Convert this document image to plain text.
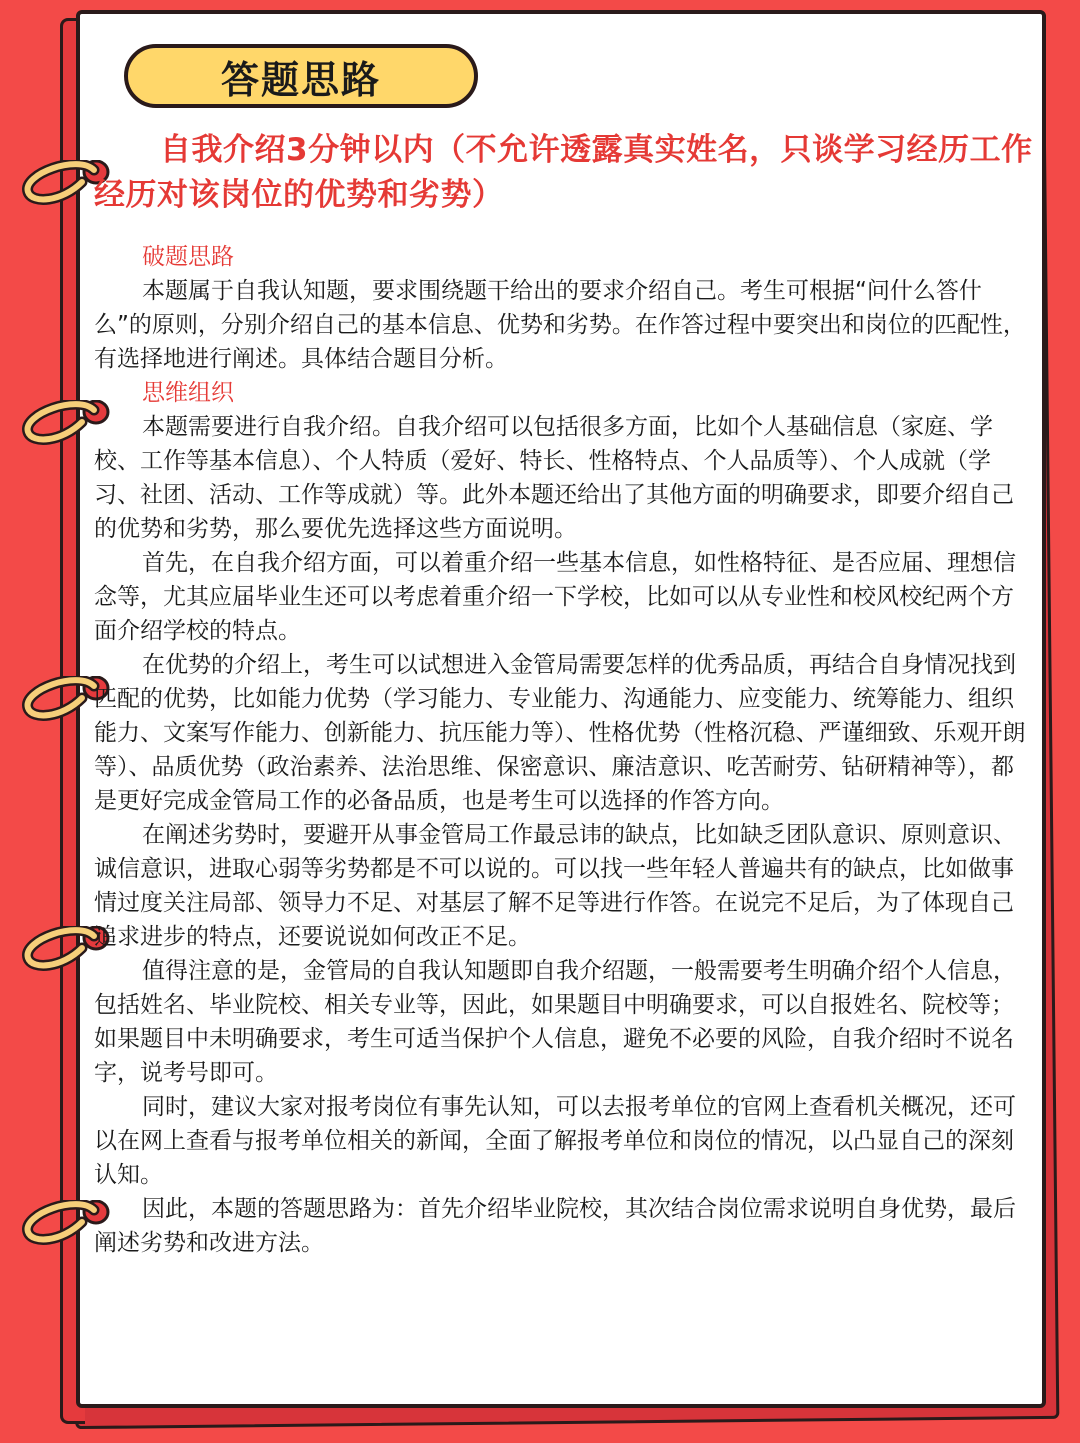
答题思路
自我介绍3分钟以内（不允许透露真实姓名，只谈学习经历工作经历对该岗位的优势和劣势）
破题思路

本题属于自我认知题，要求围绕题干给出的要求介绍自己。考生可根据“问什么答什么”的原则，分别介绍自己的基本信息、优势和劣势。在作答过程中要突出和岗位的匹配性，有选择地进行阐述。具体结合题目分析。

思维组织

本题需要进行自我介绍。自我介绍可以包括很多方面，比如个人基础信息（家庭、学校、工作等基本信息）、个人特质（爱好、特长、性格特点、个人品质等）、个人成就（学习、社团、活动、工作等成就）等。此外本题还给出了其他方面的明确要求，即要介绍自己的优势和劣势，那么要优先选择这些方面说明。

首先，在自我介绍方面，可以着重介绍一些基本信息，如性格特征、是否应届、理想信念等，尤其应届毕业生还可以考虑着重介绍一下学校，比如可以从专业性和校风校纪两个方面介绍学校的特点。

在优势的介绍上，考生可以试想进入金管局需要怎样的优秀品质，再结合自身情况找到匹配的优势，比如能力优势（学习能力、专业能力、沟通能力、应变能力、统筹能力、组织能力、文案写作能力、创新能力、抗压能力等）、性格优势（性格沉稳、严谨细致、乐观开朗等）、品质优势（政治素养、法治思维、保密意识、廉洁意识、吃苦耐劳、钻研精神等），都是更好完成金管局工作的必备品质，也是考生可以选择的作答方向。

在阐述劣势时，要避开从事金管局工作最忌讳的缺点，比如缺乏团队意识、原则意识、诚信意识，进取心弱等劣势都是不可以说的。可以找一些年轻人普遍共有的缺点，比如做事情过度关注局部、领导力不足、对基层了解不足等进行作答。在说完不足后，为了体现自己追求进步的特点，还要说说如何改正不足。

值得注意的是，金管局的自我认知题即自我介绍题，一般需要考生明确介绍个人信息，包括姓名、毕业院校、相关专业等，因此，如果题目中明确要求，可以自报姓名、院校等；如果题目中未明确要求，考生可适当保护个人信息，避免不必要的风险，自我介绍时不说名字，说考号即可。

同时，建议大家对报考岗位有事先认知，可以去报考单位的官网上查看机关概况，还可以在网上查看与报考单位相关的新闻，全面了解报考单位和岗位的情况，以凸显自己的深刻认知。

因此，本题的答题思路为：首先介绍毕业院校，其次结合岗位需求说明自身优势，最后阐述劣势和改进方法。
